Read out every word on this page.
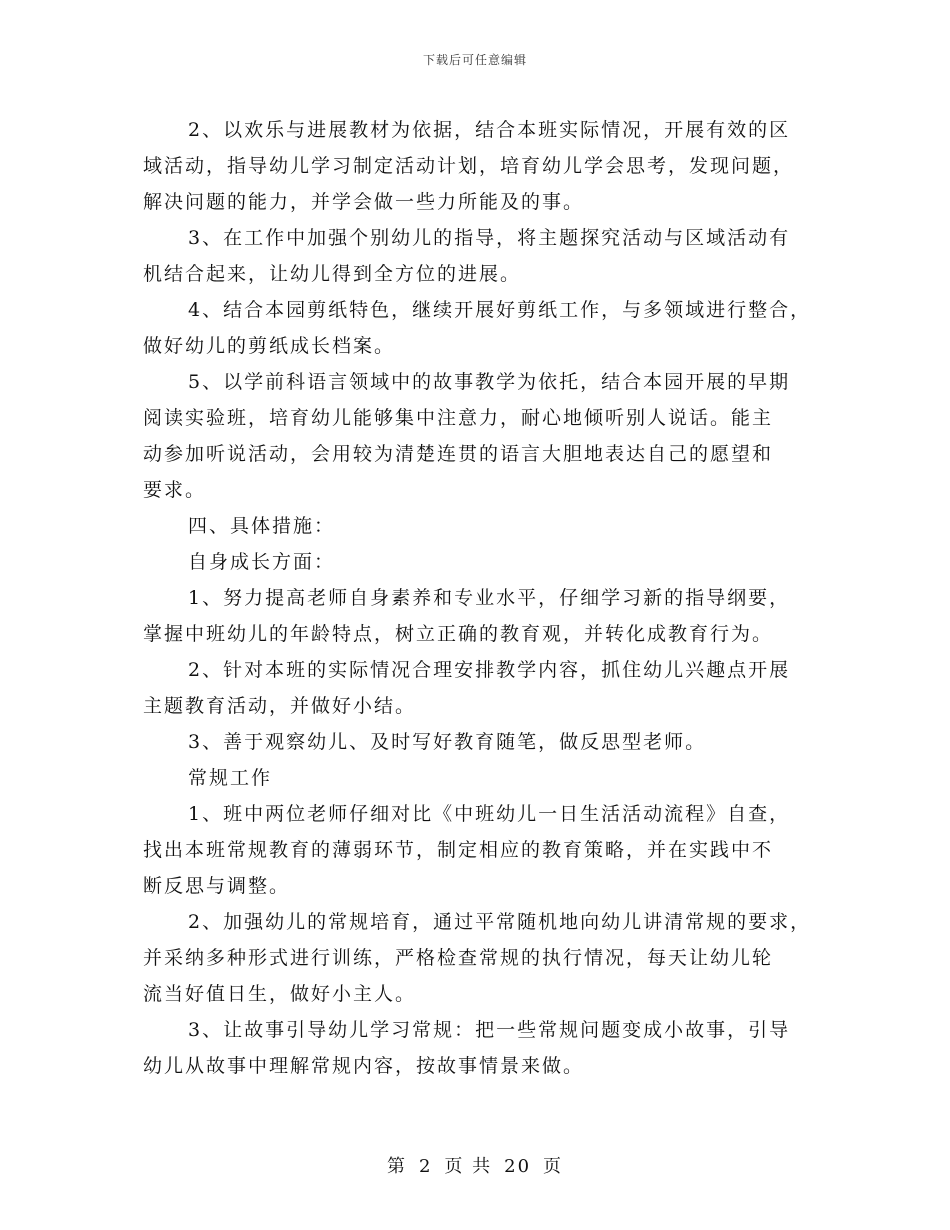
下载后可任意编辑

2、以欢乐与进展教材为依据，结合本班实际情况，开展有效的区
域活动，指导幼儿学习制定活动计划，培育幼儿学会思考，发现问题，
解决问题的能力，并学会做一些力所能及的事。

3、在工作中加强个别幼儿的指导，将主题探究活动与区域活动有
机结合起来，让幼儿得到全方位的进展。

4、结合本园剪纸特色，继续开展好剪纸工作，与多领域进行整合，
做好幼儿的剪纸成长档案。

5、以学前科语言领域中的故事教学为依托，结合本园开展的早期
阅读实验班，培育幼儿能够集中注意力，耐心地倾听别人说话。能主
动参加听说活动，会用较为清楚连贯的语言大胆地表达自己的愿望和
要求。

四、具体措施：

自身成长方面：

1、努力提高老师自身素养和专业水平，仔细学习新的指导纲要，
掌握中班幼儿的年龄特点，树立正确的教育观，并转化成教育行为。

2、针对本班的实际情况合理安排教学内容，抓住幼儿兴趣点开展
主题教育活动，并做好小结。

3、善于观察幼儿、及时写好教育随笔，做反思型老师。

常规工作

1、班中两位老师仔细对比《中班幼儿一日生活活动流程》自查，
找出本班常规教育的薄弱环节，制定相应的教育策略，并在实践中不
断反思与调整。

2、加强幼儿的常规培育，通过平常随机地向幼儿讲清常规的要求，
并采纳多种形式进行训练，严格检查常规的执行情况，每天让幼儿轮
流当好值日生，做好小主人。

3、让故事引导幼儿学习常规：把一些常规问题变成小故事，引导
幼儿从故事中理解常规内容，按故事情景来做。

第 2 页 共 20 页
